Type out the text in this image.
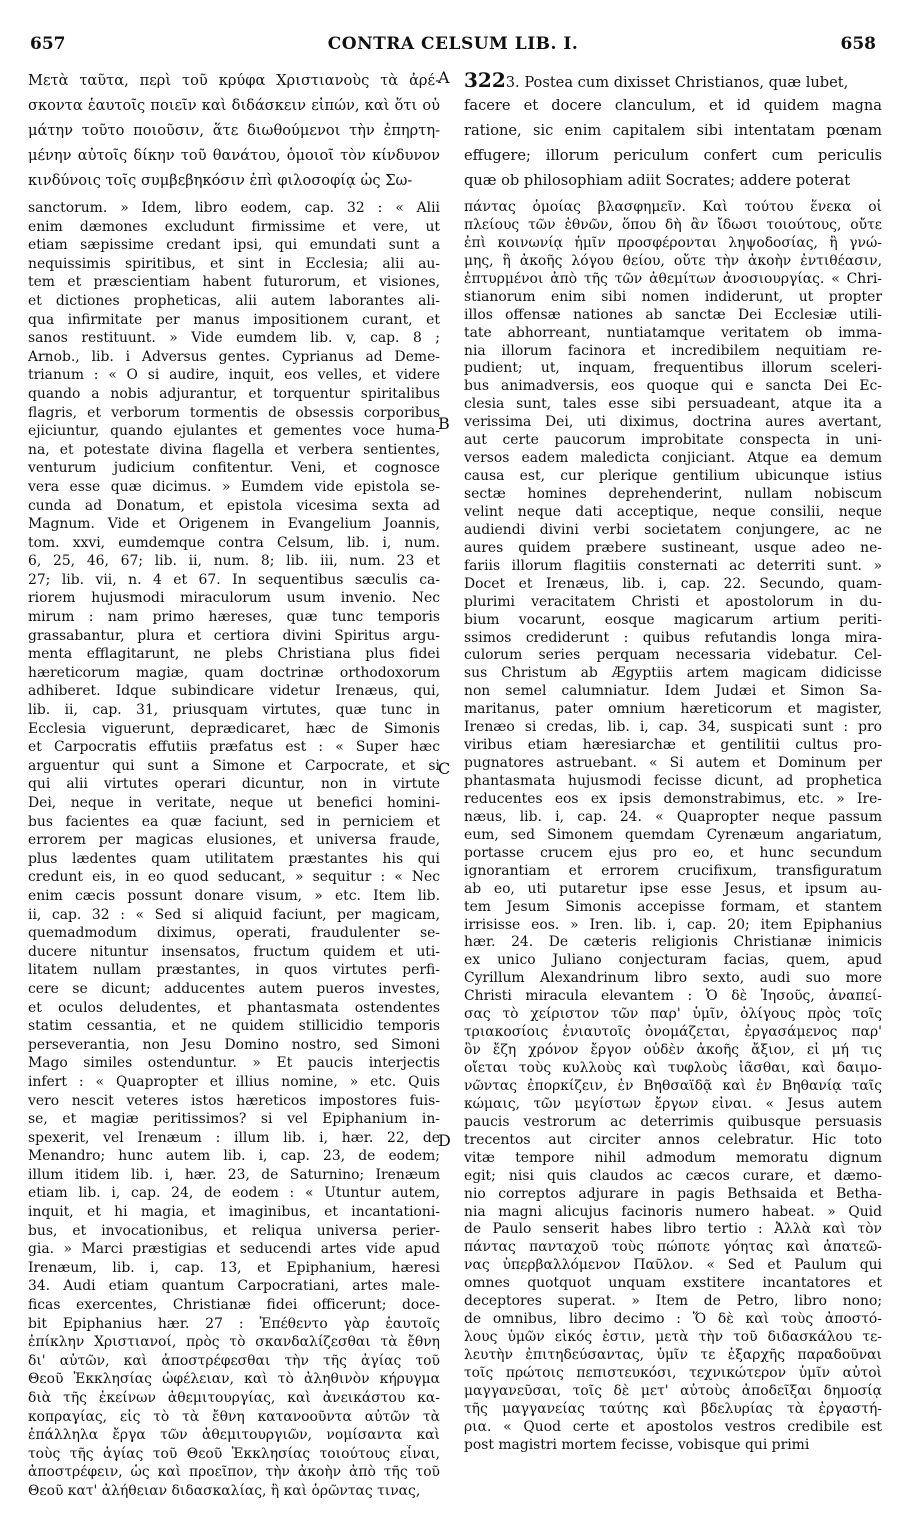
657	CONTRA CELSUM LIB. I.	658
Μετὰ ταῦτα, περὶ τοῦ κρύφα Χριστιανοὺς τὰ ἀρέ-
σκοντα ἑαυτοῖς ποιεῖν καὶ διδάσκειν εἰπών, καὶ ὅτι οὐ
μάτην τοῦτο ποιοῦσιν, ἅτε διωθούμενοι τὴν ἐπηρτη-
μένην αὐτοῖς δίκην τοῦ θανάτου, ὁμοιοῖ τὸν κίνδυνον
κινδύνοις τοῖς συμβεβηκόσιν ἐπὶ φιλοσοφίᾳ ὡς Σω-
A 3223. Postea cum dixisset Christianos, quæ lubet,
facere et docere clanculum, et id quidem magna
ratione, sic enim capitalem sibi intentatam pœnam
effugere; illorum periculum confert cum periculis
quæ ob philosophiam adiit Socrates; addere poterat
sanctorum. » Idem, libro eodem, cap. 32 : « Alii
enim dæmones excludunt firmissime et vere, ut
etiam sæpissime credant ipsi, qui emundati sunt a
nequissimis spiritibus, et sint in Ecclesia; alii au-
tem et præscientiam habent futurorum, et visiones,
et dictiones propheticas, alii autem laborantes ali-
qua infirmitate per manus impositionem curant, et
sanos restituunt. » Vide eumdem lib. v, cap. 8 ;
Arnob., lib. i Adversus gentes. Cyprianus ad Deme-
trianum : « O si audire, inquit, eos velles, et videre
quando a nobis adjurantur, et torquentur spiritalibus
flagris, et verborum tormentis de obsessis corporibus
ejiciuntur, quando ejulantes et gementes voce huma-
na, et potestate divina flagella et verbera sentientes,
venturum judicium confitentur. Veni, et cognosce
vera esse quæ dicimus. » Eumdem vide epistola se-
cunda ad Donatum, et epistola vicesima sexta ad
Magnum. Vide et Origenem in Evangelium Joannis,
tom. xxvi, eumdemque contra Celsum, lib. i, num.
6, 25, 46, 67; lib. ii, num. 8; lib. iii, num. 23 et
27; lib. vii, n. 4 et 67. In sequentibus sæculis ca-
riorem hujusmodi miraculorum usum invenio. Nec
mirum : nam primo hæreses, quæ tunc temporis
grassabantur, plura et certiora divini Spiritus argu-
menta efflagitarunt, ne plebs Christiana plus fidei
hæreticorum magiæ, quam doctrinæ orthodoxorum
adhiberet. Idque subindicare videtur Irenæus, qui,
lib. ii, cap. 31, priusquam virtutes, quæ tunc in
Ecclesia viguerunt, deprædicaret, hæc de Simonis
et Carpocratis effutiis præfatus est : « Super hæc
arguentur qui sunt a Simone et Carpocrate, et si
qui alii virtutes operari dicuntur, non in virtute
Dei, neque in veritate, neque ut benefici homini-
bus facientes ea quæ faciunt, sed in perniciem et
errorem per magicas elusiones, et universa fraude,
plus lædentes quam utilitatem præstantes his qui
credunt eis, in eo quod seducant, » sequitur : « Nec
enim cæcis possunt donare visum, » etc. Item lib.
ii, cap. 32 : « Sed si aliquid faciunt, per magicam,
quemadmodum diximus, operati, fraudulenter se-
ducere nituntur insensatos, fructum quidem et uti-
litatem nullam præstantes, in quos virtutes perfi-
cere se dicunt; adducentes autem pueros investes,
et oculos deludentes, et phantasmata ostendentes
statim cessantia, et ne quidem stillicidio temporis
perseverantia, non Jesu Domino nostro, sed Simoni
Mago similes ostenduntur. » Et paucis interjectis
infert : « Quapropter et illius nomine, » etc. Quis
vero nescit veteres istos hæreticos impostores fuis-
se, et magiæ peritissimos? si vel Epiphanium in-
spexerit, vel Irenæum : illum lib. i, hær. 22, de
Menandro; hunc autem lib. i, cap. 23, de eodem;
illum itidem lib. i, hær. 23, de Saturnino; Irenæum
etiam lib. i, cap. 24, de eodem : « Utuntur autem,
inquit, et hi magia, et imaginibus, et incantationi-
bus, et invocationibus, et reliqua universa perier-
gia. » Marci præstigias et seducendi artes vide apud
Irenæum, lib. i, cap. 13, et Epiphanium, hæresi
34. Audi etiam quantum Carpocratiani, artes male-
ficas exercentes, Christianæ fidei officerunt; doce-
bit Epiphanius hær. 27 : Ἐπέθεντο γὰρ ἑαυτοῖς
ἐπίκλην Χριστιανοί, πρὸς τὸ σκανδαλίζεσθαι τὰ ἔθνη
δι' αὐτῶν, καὶ ἀποστρέφεσθαι τὴν τῆς ἁγίας τοῦ
Θεοῦ Ἐκκλησίας ὠφέλειαν, καὶ τὸ ἀληθινὸν κήρυγμα
διὰ τῆς ἐκείνων ἀθεμιτουργίας, καὶ ἀνεικάστου κα-
κοπραγίας, εἰς τὸ τὰ ἔθνη κατανοοῦντα αὐτῶν τὰ
ἐπάλληλα ἔργα τῶν ἀθεμιτουργιῶν, νομίσαντα καὶ
τοὺς τῆς ἁγίας τοῦ Θεοῦ Ἐκκλησίας τοιούτους εἶναι,
ἀποστρέφειν, ὡς καὶ προεῖπον, τὴν ἀκοὴν ἀπὸ τῆς τοῦ
Θεοῦ κατ' ἀλήθειαν διδασκαλίας, ἢ καὶ ὁρῶντας τινας,
B
C
D
πάντας ὁμοίας βλασφημεῖν. Καὶ τούτου ἕνεκα οἱ
πλείους τῶν ἐθνῶν, ὅπου δὴ ἂν ἴδωσι τοιούτους, οὔτε
ἐπὶ κοινωνίᾳ ἡμῖν προσφέρονται ληψοδοσίας, ἢ γνώ-
μης, ἢ ἀκοῆς λόγου θείου, οὔτε τὴν ἀκοὴν ἐντιθέασιν,
ἐπτυρμένοι ἀπὸ τῆς τῶν ἀθεμίτων ἀνοσιουργίας. « Chri-
stianorum enim sibi nomen indiderunt, ut propter
illos offensæ nationes ab sanctæ Dei Ecclesiæ utili-
tate abhorreant, nuntiatamque veritatem ob imma-
nia illorum facinora et incredibilem nequitiam re-
pudient; ut, inquam, frequentibus illorum sceleri-
bus animadversis, eos quoque qui e sancta Dei Ec-
clesia sunt, tales esse sibi persuadeant, atque ita a
verissima Dei, uti diximus, doctrina aures avertant,
aut certe paucorum improbitate conspecta in uni-
versos eadem maledicta conjiciant. Atque ea demum
causa est, cur plerique gentilium ubicunque istius
sectæ homines deprehenderint, nullam nobiscum
velint neque dati acceptique, neque consilii, neque
audiendi divini verbi societatem conjungere, ac ne
aures quidem præbere sustineant, usque adeo ne-
fariis illorum flagitiis consternati ac deterriti sunt. »
Docet et Irenæus, lib. i, cap. 22. Secundo, quam-
plurimi veracitatem Christi et apostolorum in du-
bium vocarunt, eosque magicarum artium periti-
ssimos crediderunt : quibus refutandis longa mira-
culorum series perquam necessaria videbatur. Cel-
sus Christum ab Ægyptiis artem magicam didicisse
non semel calumniatur. Idem Judæi et Simon Sa-
maritanus, pater omnium hæreticorum et magister,
Irenæo si credas, lib. i, cap. 34, suspicati sunt : pro
viribus etiam hæresiarchæ et gentilitii cultus pro-
pugnatores astruebant. « Si autem et Dominum per
phantasmata hujusmodi fecisse dicunt, ad prophetica
reducentes eos ex ipsis demonstrabimus, etc. » Ire-
næus, lib. i, cap. 24. « Quapropter neque passum
eum, sed Simonem quemdam Cyrenæum angariatum,
portasse crucem ejus pro eo, et hunc secundum
ignorantiam et errorem crucifixum, transfiguratum
ab eo, uti putaretur ipse esse Jesus, et ipsum au-
tem Jesum Simonis accepisse formam, et stantem
irrisisse eos. » Iren. lib. i, cap. 20; item Epiphanius
hær. 24. De cæteris religionis Christianæ inimicis
ex unico Juliano conjecturam facias, quem, apud
Cyrillum Alexandrinum libro sexto, audi suo more
Christi miracula elevantem : Ὁ δὲ Ἰησοῦς, ἀναπεί-
σας τὸ χείριστον τῶν παρ' ὑμῖν, ὀλίγους πρὸς τοῖς
τριακοσίοις ἐνιαυτοῖς ὀνομάζεται, ἐργασάμενος παρ'
ὃν ἔζη χρόνον ἔργον οὐδὲν ἀκοῆς ἄξιον, εἰ μή τις
οἴεται τοὺς κυλλοὺς καὶ τυφλοὺς ἰᾶσθαι, καὶ δαιμο-
νῶντας ἐπορκίζειν, ἐν Βηθσαϊδᾷ καὶ ἐν Βηθανίᾳ ταῖς
κώμαις, τῶν μεγίστων ἔργων εἶναι. « Jesus autem
paucis vestrorum ac deterrimis quibusque persuasis
trecentos aut circiter annos celebratur. Hic toto
vitæ tempore nihil admodum memoratu dignum
egit; nisi quis claudos ac cæcos curare, et dæmo-
nio correptos adjurare in pagis Bethsaida et Betha-
nia magni alicujus facinoris numero habeat. » Quid
de Paulo senserit habes libro tertio : Ἀλλὰ καὶ τὸν
πάντας πανταχοῦ τοὺς πώποτε γόητας καὶ ἀπατεῶ-
νας ὑπερβαλλόμενον Παῦλον. « Sed et Paulum qui
omnes quotquot unquam exstitere incantatores et
deceptores superat. » Item de Petro, libro nono;
de omnibus, libro decimo : Ὅ δὲ καὶ τοὺς ἀποστό-
λους ὑμῶν εἰκός ἐστιν, μετὰ τὴν τοῦ διδασκάλου τε-
λευτὴν ἐπιτηδεύσαντας, ὑμῖν τε ἐξαρχῆς παραδοῦναι
τοῖς πρώτοις πεπιστευκόσι, τεχνικώτερον ὑμῖν αὐτοὶ
μαγγανεῦσαι, τοῖς δὲ μετ' αὐτοὺς ἀποδεῖξαι δημοσίᾳ
τῆς μαγγανείας ταύτης καὶ βδελυρίας τὰ ἐργαστή-
ρια. « Quod certe et apostolos vestros credibile est
post magistri mortem fecisse, vobisque qui primi
